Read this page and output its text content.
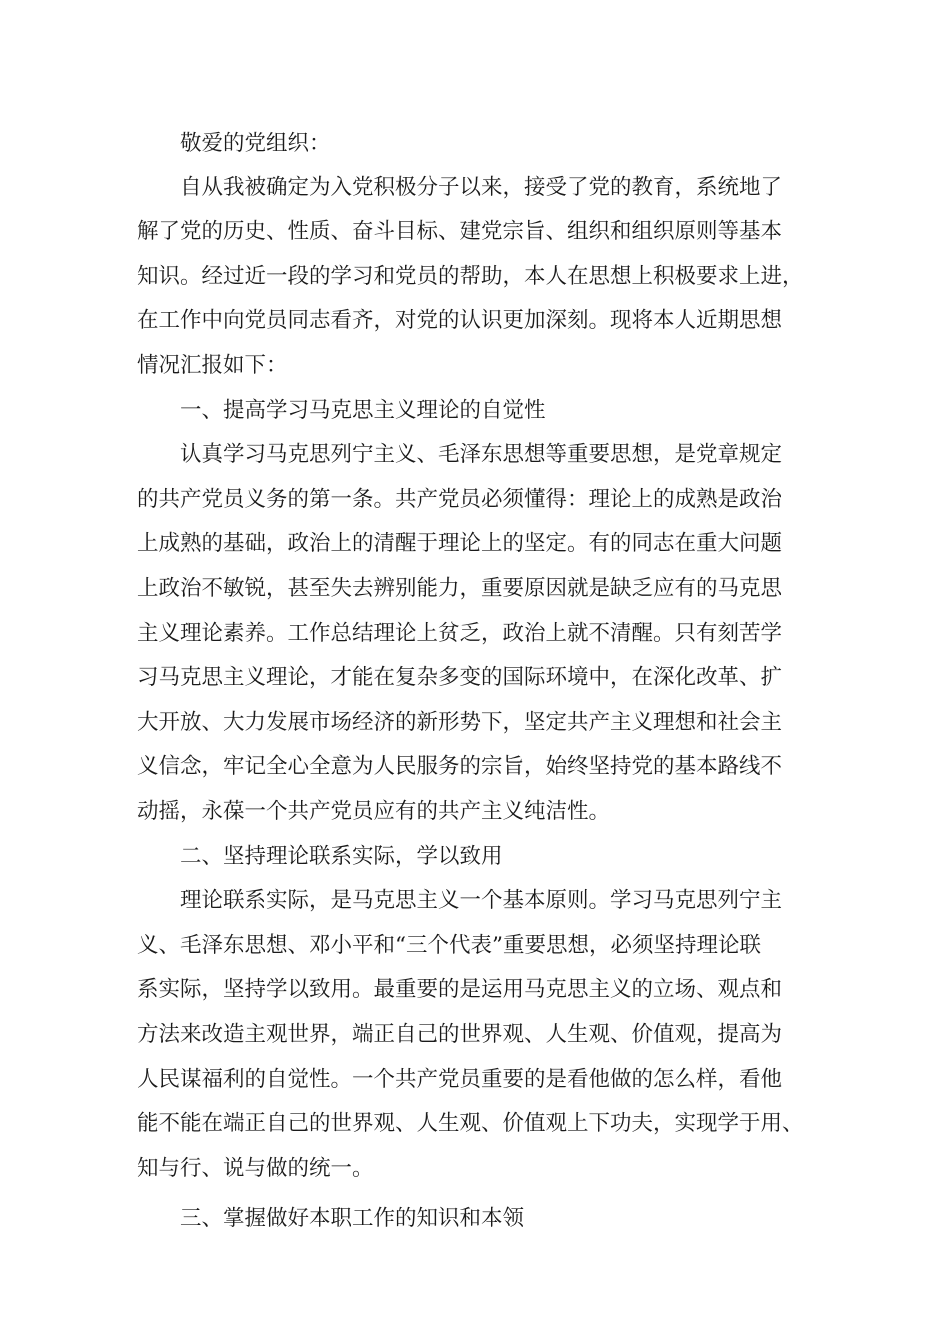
敬爱的党组织：

自从我被确定为入党积极分子以来，接受了党的教育，系统地了

解了党的历史、性质、奋斗目标、建党宗旨、组织和组织原则等基本

知识。经过近一段的学习和党员的帮助，本人在思想上积极要求上进，

在工作中向党员同志看齐，对党的认识更加深刻。现将本人近期思想

情况汇报如下：

一、提高学习马克思主义理论的自觉性

认真学习马克思列宁主义、毛泽东思想等重要思想，是党章规定

的共产党员义务的第一条。共产党员必须懂得：理论上的成熟是政治

上成熟的基础，政治上的清醒于理论上的坚定。有的同志在重大问题

上政治不敏锐，甚至失去辨别能力，重要原因就是缺乏应有的马克思

主义理论素养。工作总结理论上贫乏，政治上就不清醒。只有刻苦学

习马克思主义理论，才能在复杂多变的国际环境中，在深化改革、扩

大开放、大力发展市场经济的新形势下，坚定共产主义理想和社会主

义信念，牢记全心全意为人民服务的宗旨，始终坚持党的基本路线不

动摇，永葆一个共产党员应有的共产主义纯洁性。

二、坚持理论联系实际，学以致用

理论联系实际，是马克思主义一个基本原则。学习马克思列宁主

义、毛泽东思想、邓小平和“三个代表”重要思想，必须坚持理论联

系实际，坚持学以致用。最重要的是运用马克思主义的立场、观点和

方法来改造主观世界，端正自己的世界观、人生观、价值观，提高为

人民谋福利的自觉性。一个共产党员重要的是看他做的怎么样，看他

能不能在端正自己的世界观、人生观、价值观上下功夫，实现学于用、

知与行、说与做的统一。

三、掌握做好本职工作的知识和本领
